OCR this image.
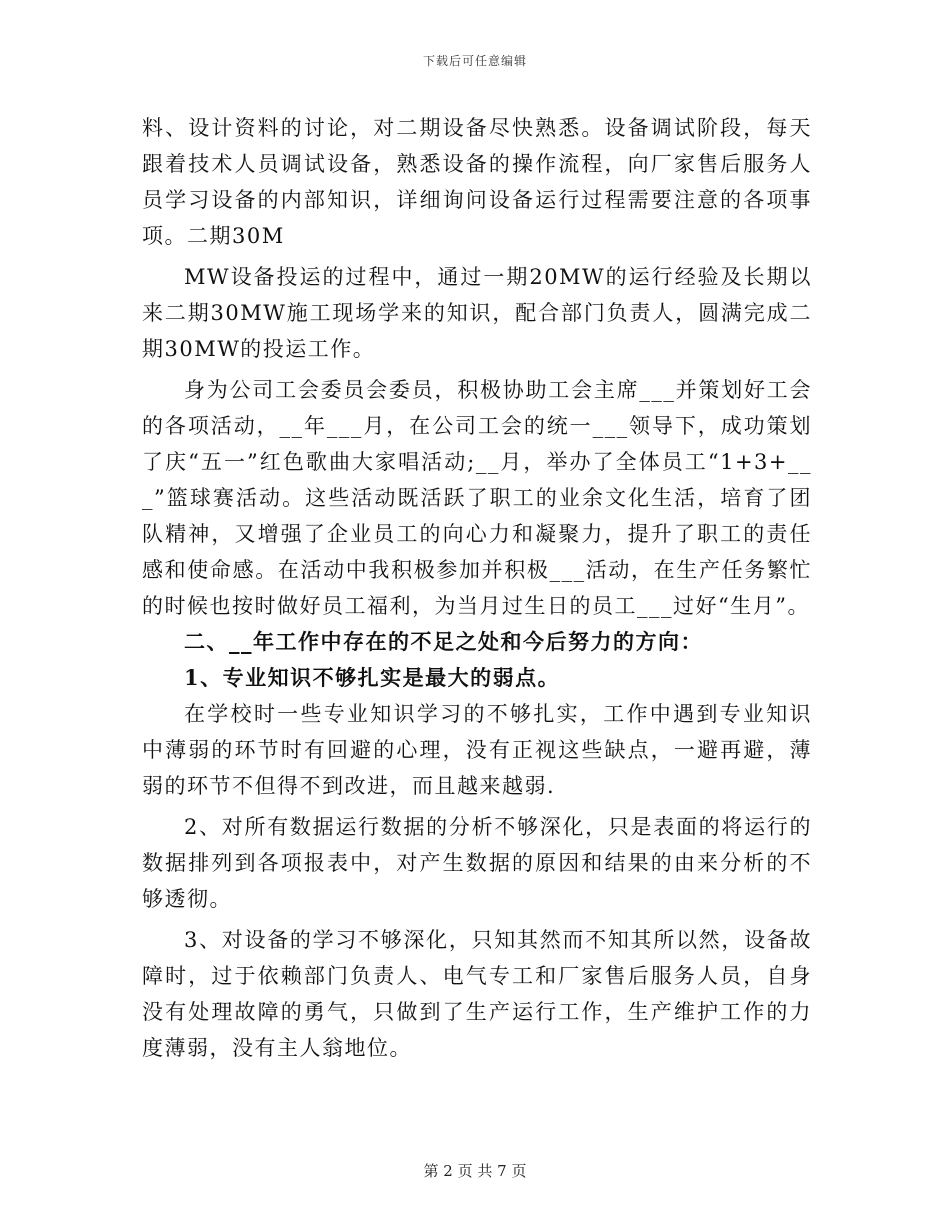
下载后可任意编辑

料、设计资料的讨论，对二期设备尽快熟悉。设备调试阶段，每天跟着技术人员调试设备，熟悉设备的操作流程，向厂家售后服务人员学习设备的内部知识，详细询问设备运行过程需要注意的各项事项。二期30M

MW设备投运的过程中，通过一期20MW的运行经验及长期以来二期30MW施工现场学来的知识，配合部门负责人，圆满完成二期30MW的投运工作。

身为公司工会委员会委员，积极协助工会主席___并策划好工会的各项活动，__年___月，在公司工会的统一___领导下，成功策划了庆“五一”红色歌曲大家唱活动;__月，举办了全体员工“1+3+___”篮球赛活动。这些活动既活跃了职工的业余文化生活，培育了团队精神，又增强了企业员工的向心力和凝聚力，提升了职工的责任感和使命感。在活动中我积极参加并积极___活动，在生产任务繁忙的时候也按时做好员工福利，为当月过生日的员工___过好“生月”。

二、__年工作中存在的不足之处和今后努力的方向：

1、专业知识不够扎实是最大的弱点。

在学校时一些专业知识学习的不够扎实，工作中遇到专业知识中薄弱的环节时有回避的心理，没有正视这些缺点，一避再避，薄弱的环节不但得不到改进，而且越来越弱.

2、对所有数据运行数据的分析不够深化，只是表面的将运行的数据排列到各项报表中，对产生数据的原因和结果的由来分析的不够透彻。

3、对设备的学习不够深化，只知其然而不知其所以然，设备故障时，过于依赖部门负责人、电气专工和厂家售后服务人员，自身没有处理故障的勇气，只做到了生产运行工作，生产维护工作的力度薄弱，没有主人翁地位。

第 2 页 共 7 页
